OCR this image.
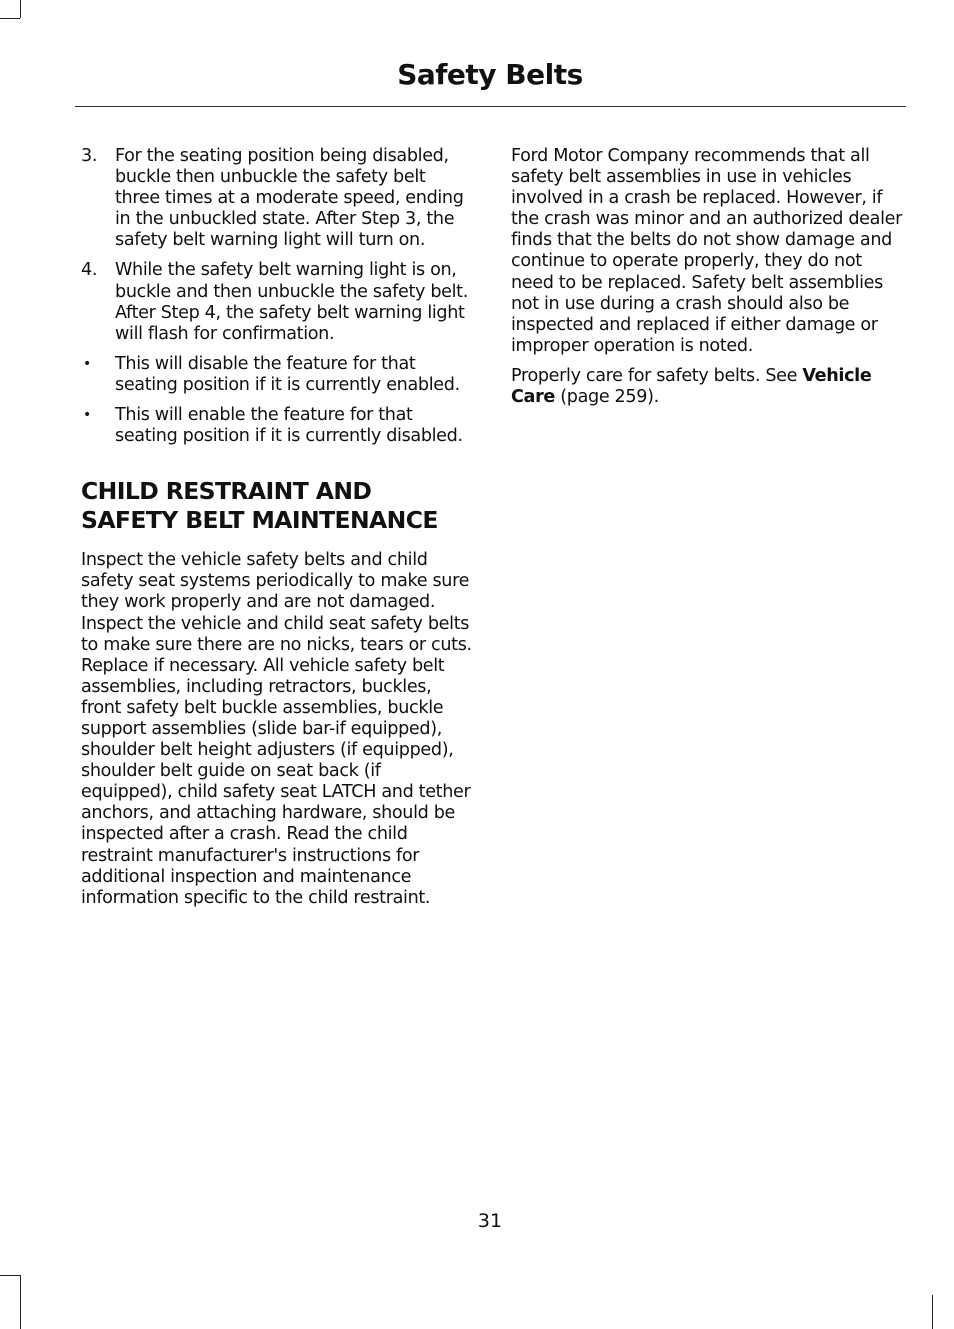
Safety Belts
3. For the seating position being disabled, buckle then unbuckle the safety belt three times at a moderate speed, ending in the unbuckled state. After Step 3, the safety belt warning light will turn on.

4. While the safety belt warning light is on, buckle and then unbuckle the safety belt. After Step 4, the safety belt warning light will flash for confirmation.

• This will disable the feature for that seating position if it is currently enabled.

• This will enable the feature for that seating position if it is currently disabled.

CHILD RESTRAINT AND SAFETY BELT MAINTENANCE

Inspect the vehicle safety belts and child safety seat systems periodically to make sure they work properly and are not damaged. Inspect the vehicle and child seat safety belts to make sure there are no nicks, tears or cuts. Replace if necessary. All vehicle safety belt assemblies, including retractors, buckles, front safety belt buckle assemblies, buckle support assemblies (slide bar-if equipped), shoulder belt height adjusters (if equipped), shoulder belt guide on seat back (if equipped), child safety seat LATCH and tether anchors, and attaching hardware, should be inspected after a crash. Read the child restraint manufacturer's instructions for additional inspection and maintenance information specific to the child restraint.

Ford Motor Company recommends that all safety belt assemblies in use in vehicles involved in a crash be replaced. However, if the crash was minor and an authorized dealer finds that the belts do not show damage and continue to operate properly, they do not need to be replaced. Safety belt assemblies not in use during a crash should also be inspected and replaced if either damage or improper operation is noted.

Properly care for safety belts. See Vehicle Care (page 259).

31
